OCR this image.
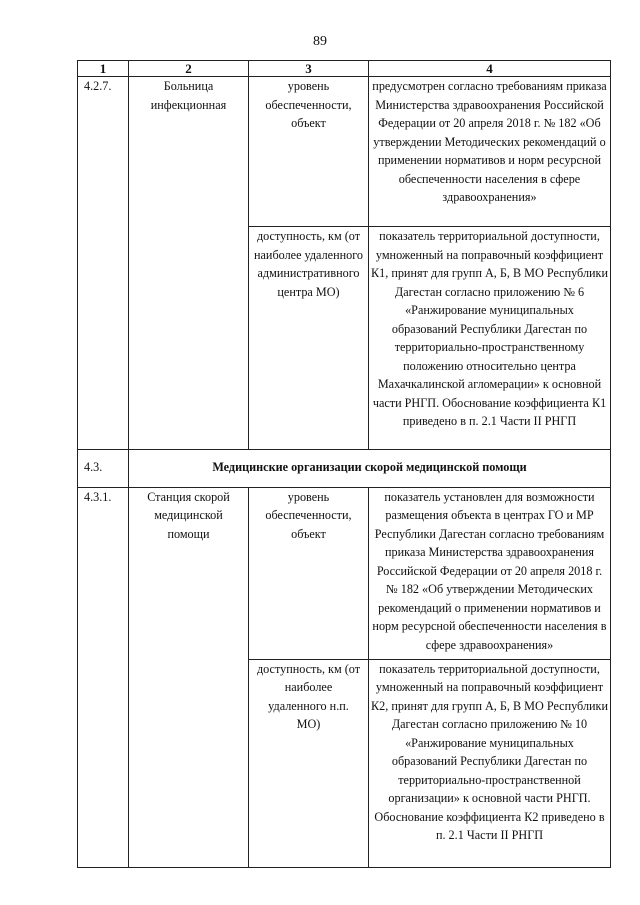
89
1	2	3	4
4.2.7.	Больница инфекционная	уровень обеспеченности, объект	предусмотрен согласно требованиям приказа Министерства здравоохранения Российской Федерации от 20 апреля 2018 г. № 182 «Об утверждении Методических рекомендаций о применении нормативов и норм ресурсной обеспеченности населения в сфере здравоохранения»

		доступность, км (от наиболее удаленного административного центра МО)	показатель территориальной доступности, умноженный на поправочный коэффициент К1, принят для групп А, Б, В МО Республики Дагестан согласно приложению № 6 «Ранжирование муниципальных образований Республики Дагестан по территориально-пространственному положению относительно центра Махачкалинской агломерации» к основной части РНГП. Обоснование коэффициента К1 приведено в п. 2.1 Части II РНГП

4.3.	Медицинские организации скорой медицинской помощи		
4.3.1.	Станция скорой медицинской помощи	уровень обеспеченности, объект	показатель установлен для возможности размещения объекта в центрах ГО и МР Республики Дагестан согласно требованиям приказа Министерства здравоохранения Российской Федерации от 20 апреля 2018 г. № 182 «Об утверждении Методических рекомендаций о применении нормативов и норм ресурсной обеспеченности населения в сфере здравоохранения»

		доступность, км (от наиболее удаленного н.п. МО)	показатель территориальной доступности, умноженный на поправочный коэффициент К2, принят для групп А, Б, В МО Республики Дагестан согласно приложению № 10 «Ранжирование муниципальных образований Республики Дагестан по территориально-пространственной организации» к основной части РНГП. Обоснование коэффициента К2 приведено в п. 2.1 Части II РНГП
